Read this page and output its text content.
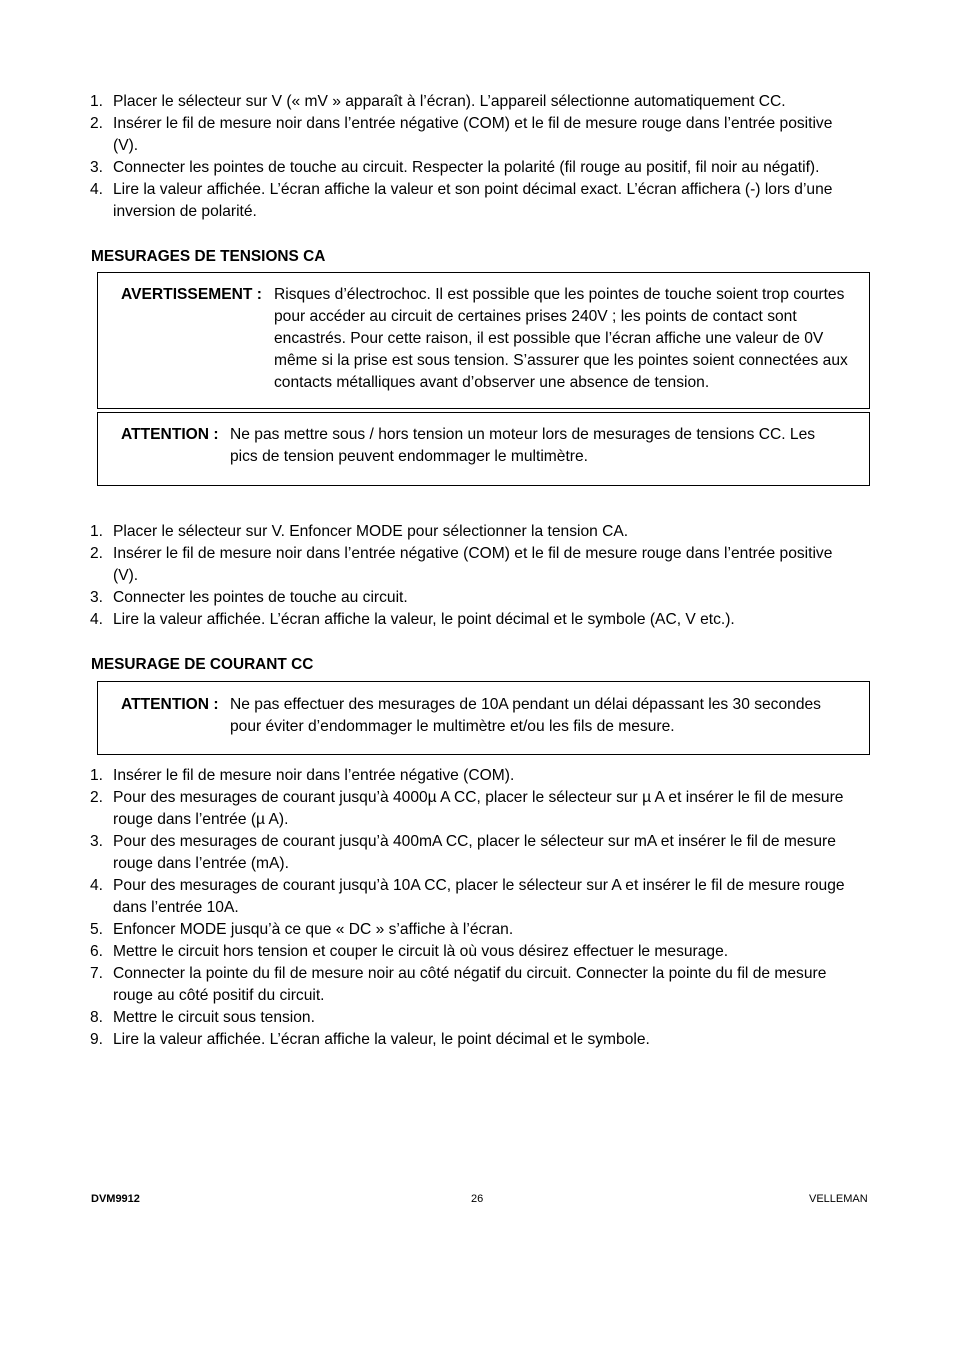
1. Placer le sélecteur sur V (« mV » apparaît à l’écran). L’appareil sélectionne automatiquement CC.
2. Insérer le fil de mesure noir dans l’entrée négative (COM) et le fil de mesure rouge dans l’entrée positive (V).
3. Connecter les pointes de touche au circuit. Respecter la polarité (fil rouge au positif, fil noir au négatif).
4. Lire la valeur affichée. L’écran affiche la valeur et son point décimal exact. L’écran affichera (-) lors d’une inversion de polarité.
MESURAGES DE TENSIONS CA
AVERTISSEMENT : Risques d’électrochoc. Il est possible que les pointes de touche soient trop courtes pour accéder au circuit de certaines prises 240V ; les points de contact sont encastrés. Pour cette raison, il est possible que l’écran affiche une valeur de 0V même si la prise est sous tension. S’assurer que les pointes soient connectées aux contacts métalliques avant d’observer une absence de tension.
ATTENTION : Ne pas mettre sous / hors tension un moteur lors de mesurages de tensions CC. Les pics de tension peuvent endommager le multimètre.
1. Placer le sélecteur sur V. Enfoncer MODE pour sélectionner la tension CA.
2. Insérer le fil de mesure noir dans l’entrée négative (COM) et le fil de mesure rouge dans l’entrée positive (V).
3. Connecter les pointes de touche au circuit.
4. Lire la valeur affichée. L’écran affiche la valeur, le point décimal et le symbole (AC, V etc.).
MESURAGE DE COURANT CC
ATTENTION : Ne pas effectuer des mesurages de 10A pendant un délai dépassant les 30 secondes pour éviter d’endommager le multimètre et/ou les fils de mesure.
1. Insérer le fil de mesure noir dans l’entrée négative (COM).
2. Pour des mesurages de courant jusqu’à 4000µ A CC, placer le sélecteur sur µ A et insérer le fil de mesure rouge dans l’entrée (µ A).
3. Pour des mesurages de courant jusqu’à 400mA CC, placer le sélecteur sur mA et insérer le fil de mesure rouge dans l’entrée (mA).
4. Pour des mesurages de courant jusqu’à 10A CC, placer le sélecteur sur A et insérer le fil de mesure rouge dans l’entrée 10A.
5. Enfoncer MODE jusqu’à ce que « DC » s’affiche à l’écran.
6. Mettre le circuit hors tension et couper le circuit là où vous désirez effectuer le mesurage.
7. Connecter la pointe du fil de mesure noir au côté négatif du circuit. Connecter la pointe du fil de mesure rouge au côté positif du circuit.
8. Mettre le circuit sous tension.
9. Lire la valeur affichée. L’écran affiche la valeur, le point décimal et le symbole.
DVM9912	26	VELLEMAN
